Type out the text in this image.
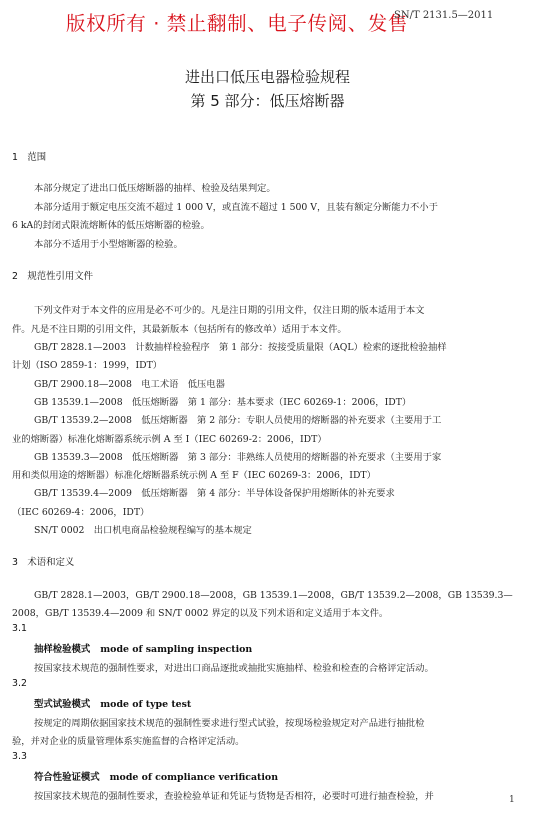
版权所有 · 禁止翻制、电子传阅、发售
SN/T 2131.5—2011
进出口低压电器检验规程
第 5 部分：低压熔断器
1　范围
本部分规定了进出口低压熔断器的抽样、检验及结果判定。
本部分适用于额定电压交流不超过 1 000 V，或直流不超过 1 500 V，且装有额定分断能力不小于
6 kA的封闭式限流熔断体的低压熔断器的检验。
本部分不适用于小型熔断器的检验。
2　规范性引用文件
下列文件对于本文件的应用是必不可少的。凡是注日期的引用文件，仅注日期的版本适用于本文
件。凡是不注日期的引用文件，其最新版本（包括所有的修改单）适用于本文件。
GB/T 2828.1—2003　计数抽样检验程序　第 1 部分：按接受质量限（AQL）检索的逐批检验抽样
计划（ISO 2859-1：1999，IDT）
GB/T 2900.18—2008　电工术语　低压电器
GB 13539.1—2008　低压熔断器　第 1 部分：基本要求（IEC 60269-1：2006，IDT）
GB/T 13539.2—2008　低压熔断器　第 2 部分：专职人员使用的熔断器的补充要求（主要用于工
业的熔断器）标准化熔断器系统示例 A 至 I（IEC 60269-2：2006，IDT）
GB 13539.3—2008　低压熔断器　第 3 部分：非熟练人员使用的熔断器的补充要求（主要用于家
用和类似用途的熔断器）标准化熔断器系统示例 A 至 F（IEC 60269-3：2006，IDT）
GB/T 13539.4—2009　低压熔断器　第 4 部分：半导体设备保护用熔断体的补充要求
（IEC 60269-4：2006，IDT）
SN/T 0002　出口机电商品检验规程编写的基本规定
3　术语和定义
GB/T 2828.1—2003，GB/T 2900.18—2008，GB 13539.1—2008，GB/T 13539.2—2008，GB 13539.3—
2008，GB/T 13539.4—2009 和 SN/T 0002 界定的以及下列术语和定义适用于本文件。
3.1
抽样检验模式 mode of sampling inspection
按国家技术规范的强制性要求，对进出口商品逐批或抽批实施抽样、检验和检查的合格评定活动。
3.2
型式试验模式 mode of type test
按规定的周期依据国家技术规范的强制性要求进行型式试验，按现场检验规定对产品进行抽批检
验，并对企业的质量管理体系实施监督的合格评定活动。
3.3
符合性验证模式 mode of compliance verification
按国家技术规范的强制性要求，查验检验单证和凭证与货物是否相符，必要时可进行抽查检验，并	1
